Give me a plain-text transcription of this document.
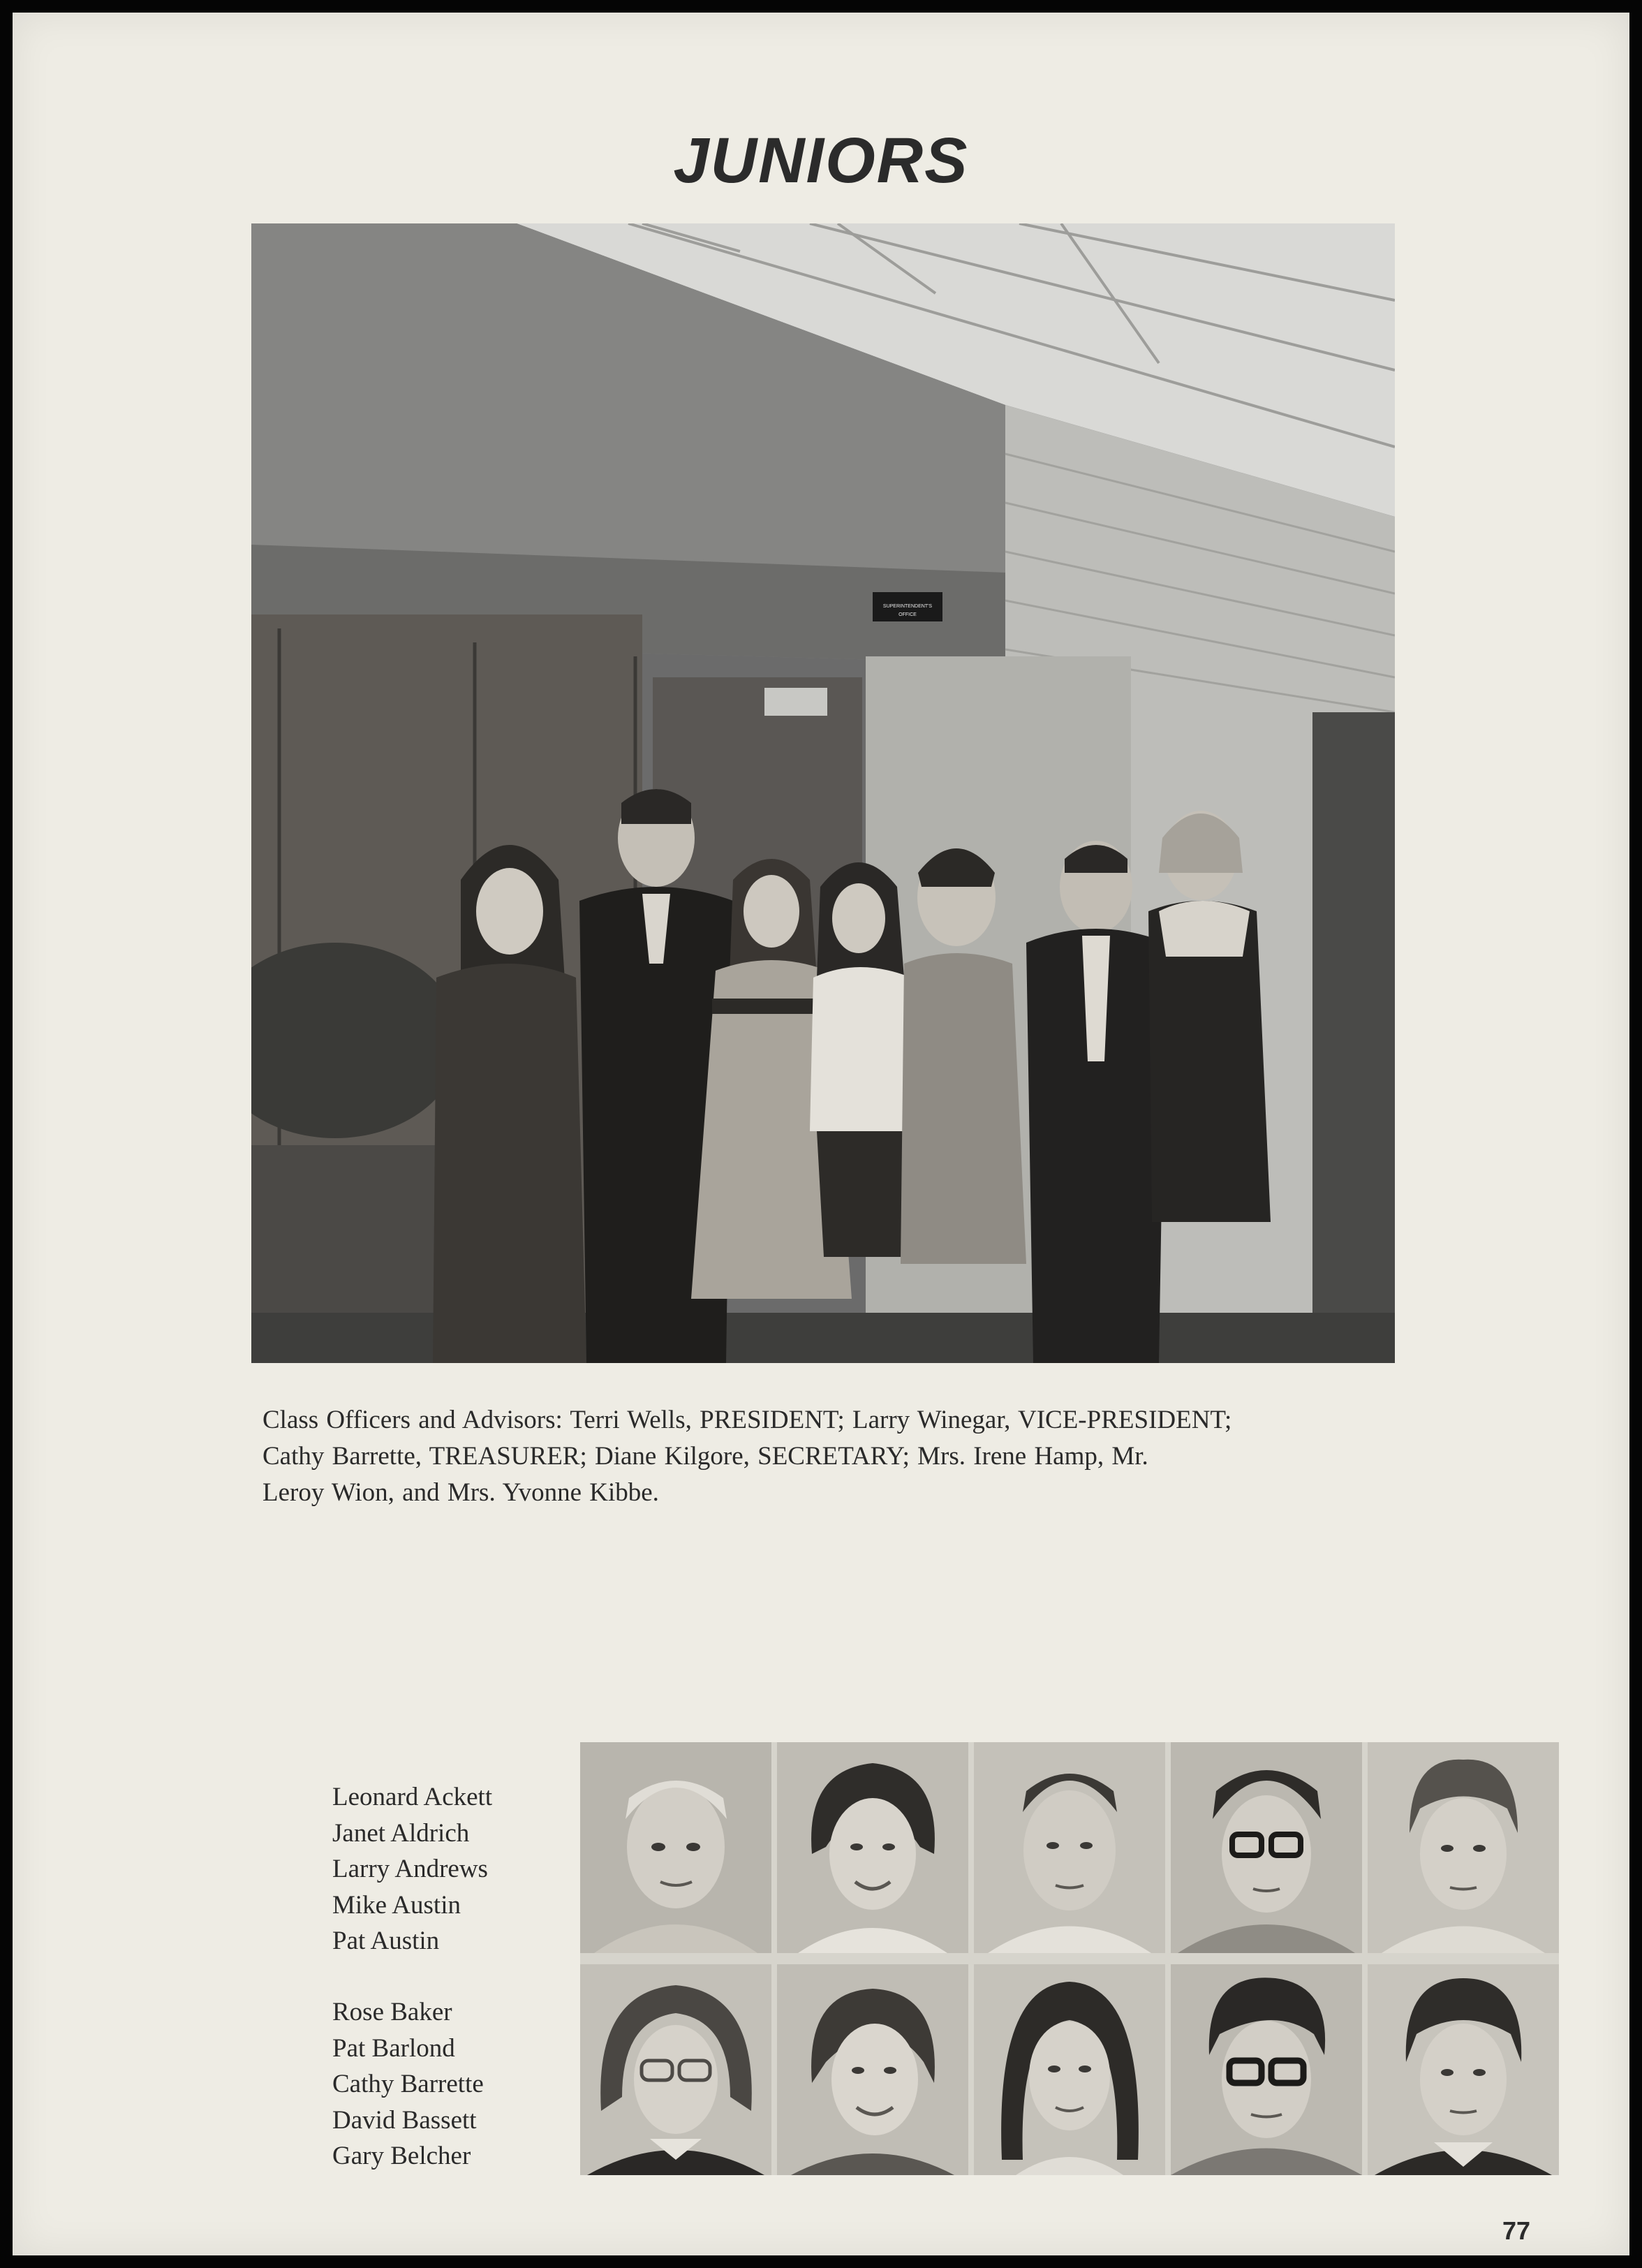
JUNIORS
SUPERINTENDENT'S
OFFICE

Class Officers and Advisors: Terri Wells, PRESIDENT; Larry Winegar, VICE-PRESIDENT;

Cathy Barrette, TREASURER; Diane Kilgore, SECRETARY; Mrs. Irene Hamp, Mr.

Leroy Wion, and Mrs. Yvonne Kibbe.

Leonard Ackett
Janet Aldrich
Larry Andrews
Mike Austin
Pat Austin
Rose Baker
Pat Barlond
Cathy Barrette
David Bassett
Gary Belcher
77
